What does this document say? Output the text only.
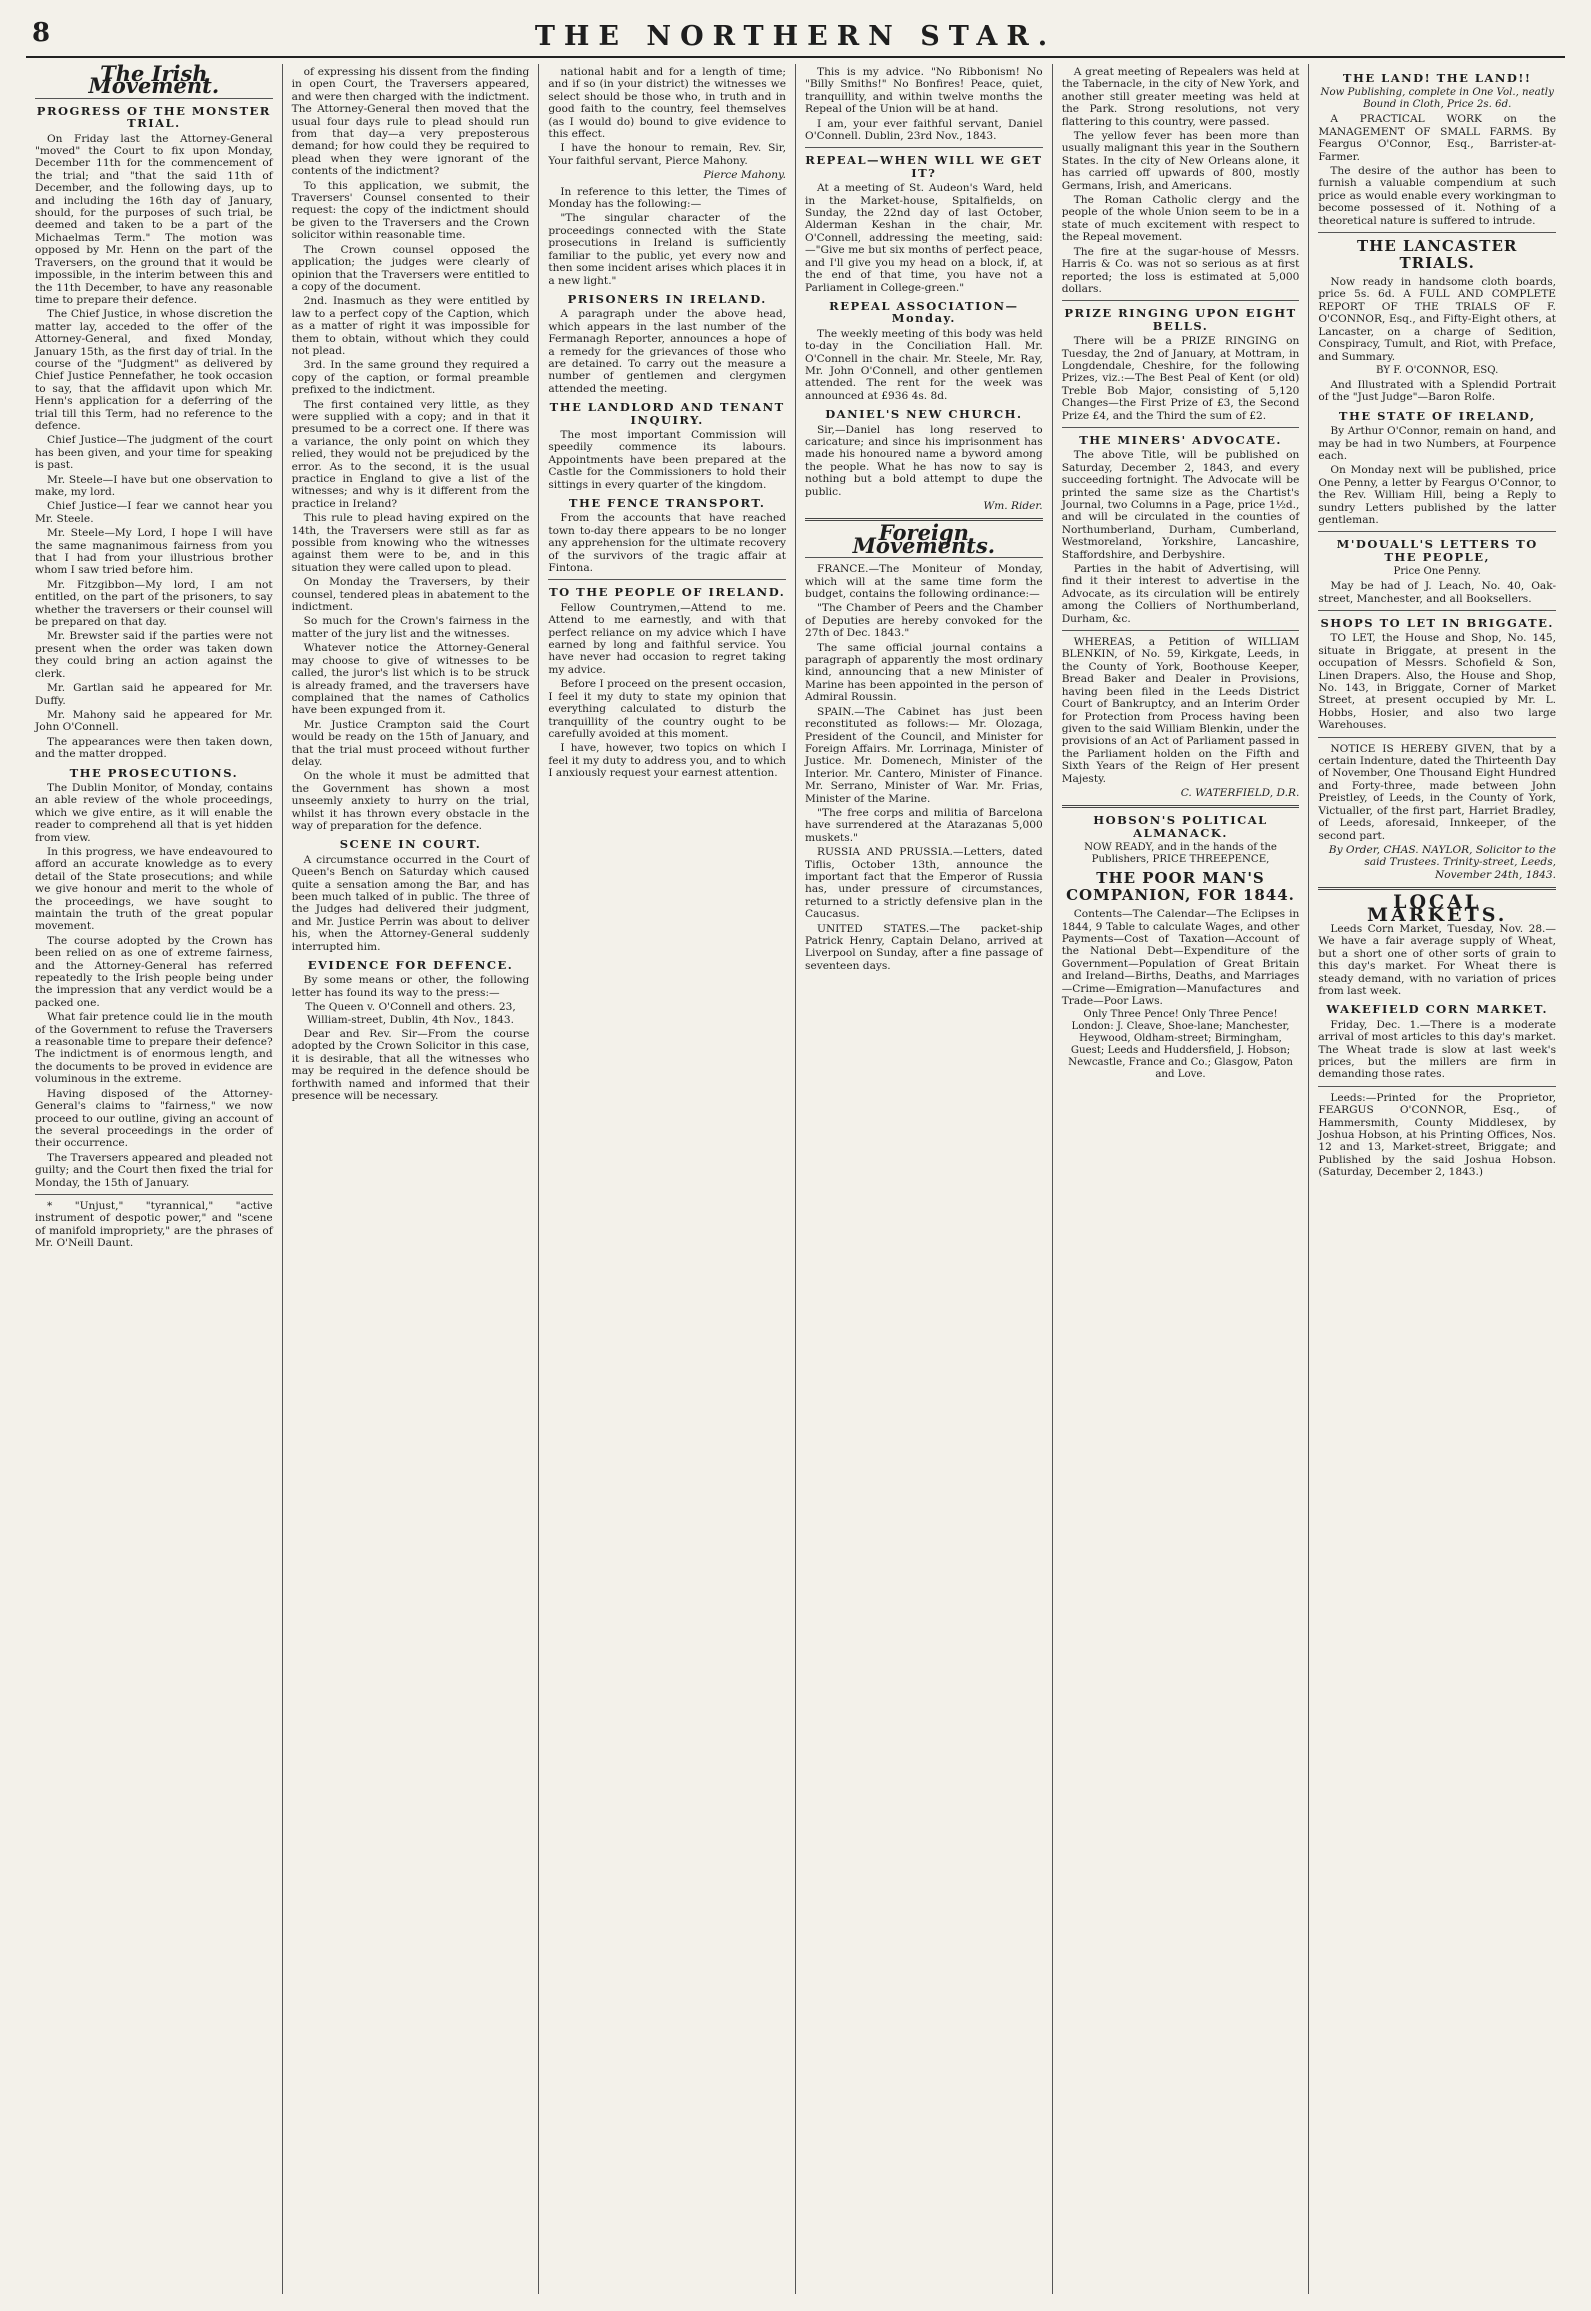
8	THE NORTHERN STAR.
The Irish Movement.
PROGRESS OF THE MONSTER TRIAL.

On Friday last the Attorney-General "moved" the Court to fix upon Monday, December 11th for the commencement of the trial; and "that the said 11th of December, and the following days, up to and including the 16th day of January, should, for the purposes of such trial, be deemed and taken to be a part of the Michaelmas Term." The motion was opposed by Mr. Henn on the part of the Traversers, on the ground that it would be impossible, in the interim between this and the 11th December, to have any reasonable time to prepare their defence.

The Chief Justice, in whose discretion the matter lay, acceded to the offer of the Attorney-General, and fixed Monday, January 15th, as the first day of trial. In the course of the "Judgment" as delivered by Chief Justice Pennefather, he took occasion to say, that the affidavit upon which Mr. Henn's application for a deferring of the trial till this Term, had no reference to the defence.

Chief Justice—The judgment of the court has been given, and your time for speaking is past.

Mr. Steele—I have but one observation to make, my lord.

Chief Justice—I fear we cannot hear you Mr. Steele.

Mr. Steele—My Lord, I hope I will have the same magnanimous fairness from you that I had from your illustrious brother whom I saw tried before him.

Mr. Fitzgibbon—My lord, I am not entitled, on the part of the prisoners, to say whether the traversers or their counsel will be prepared on that day.

Mr. Brewster said if the parties were not present when the order was taken down they could bring an action against the clerk.

Mr. Gartlan said he appeared for Mr. Duffy.

Mr. Mahony said he appeared for Mr. John O'Connell.

The appearances were then taken down, and the matter dropped.

THE PROSECUTIONS.

The Dublin Monitor, of Monday, contains an able review of the whole proceedings, which we give entire, as it will enable the reader to comprehend all that is yet hidden from view.

In this progress, we have endeavoured to afford an accurate knowledge as to every detail of the State prosecutions; and while we give honour and merit to the whole of the proceedings, we have sought to maintain the truth of the great popular movement.

The course adopted by the Crown has been relied on as one of extreme fairness, and the Attorney-General has referred repeatedly to the Irish people being under the impression that any verdict would be a packed one.

What fair pretence could lie in the mouth of the Government to refuse the Traversers a reasonable time to prepare their defence? The indictment is of enormous length, and the documents to be proved in evidence are voluminous in the extreme.

Having disposed of the Attorney-General's claims to "fairness," we now proceed to our outline, giving an account of the several proceedings in the order of their occurrence.

The Traversers appeared and pleaded not guilty; and the Court then fixed the trial for Monday, the 15th of January.

* "Unjust," "tyrannical," "active instrument of despotic power," and "scene of manifold impropriety," are the phrases of Mr. O'Neill Daunt.

of expressing his dissent from the finding in open Court, the Traversers appeared, and were then charged with the indictment. The Attorney-General then moved that the usual four days rule to plead should run from that day—a very preposterous demand; for how could they be required to plead when they were ignorant of the contents of the indictment?

To this application, we submit, the Traversers' Counsel consented to their request: the copy of the indictment should be given to the Traversers and the Crown solicitor within reasonable time.

The Crown counsel opposed the application; the judges were clearly of opinion that the Traversers were entitled to a copy of the document.

2nd. Inasmuch as they were entitled by law to a perfect copy of the Caption, which as a matter of right it was impossible for them to obtain, without which they could not plead.

3rd. In the same ground they required a copy of the caption, or formal preamble prefixed to the indictment.

The first contained very little, as they were supplied with a copy; and in that it presumed to be a correct one. If there was a variance, the only point on which they relied, they would not be prejudiced by the error. As to the second, it is the usual practice in England to give a list of the witnesses; and why is it different from the practice in Ireland?

This rule to plead having expired on the 14th, the Traversers were still as far as possible from knowing who the witnesses against them were to be, and in this situation they were called upon to plead.

On Monday the Traversers, by their counsel, tendered pleas in abatement to the indictment.

So much for the Crown's fairness in the matter of the jury list and the witnesses.

Whatever notice the Attorney-General may choose to give of witnesses to be called, the juror's list which is to be struck is already framed, and the traversers have complained that the names of Catholics have been expunged from it.

Mr. Justice Crampton said the Court would be ready on the 15th of January, and that the trial must proceed without further delay.

On the whole it must be admitted that the Government has shown a most unseemly anxiety to hurry on the trial, whilst it has thrown every obstacle in the way of preparation for the defence.

SCENE IN COURT.

A circumstance occurred in the Court of Queen's Bench on Saturday which caused quite a sensation among the Bar, and has been much talked of in public. The three of the Judges had delivered their judgment, and Mr. Justice Perrin was about to deliver his, when the Attorney-General suddenly interrupted him.

EVIDENCE FOR DEFENCE.

By some means or other, the following letter has found its way to the press:—

The Queen v. O'Connell and others. 23, William-street, Dublin, 4th Nov., 1843.

Dear and Rev. Sir—From the course adopted by the Crown Solicitor in this case, it is desirable, that all the witnesses who may be required in the defence should be forthwith named and informed that their presence will be necessary.

national habit and for a length of time; and if so (in your district) the witnesses we select should be those who, in truth and in good faith to the country, feel themselves (as I would do) bound to give evidence to this effect.

I have the honour to remain, Rev. Sir, Your faithful servant, Pierce Mahony.

Pierce Mahony.

In reference to this letter, the Times of Monday has the following:—

"The singular character of the proceedings connected with the State prosecutions in Ireland is sufficiently familiar to the public, yet every now and then some incident arises which places it in a new light."

PRISONERS IN IRELAND.

A paragraph under the above head, which appears in the last number of the Fermanagh Reporter, announces a hope of a remedy for the grievances of those who are detained. To carry out the measure a number of gentlemen and clergymen attended the meeting.

THE LANDLORD AND TENANT INQUIRY.

The most important Commission will speedily commence its labours. Appointments have been prepared at the Castle for the Commissioners to hold their sittings in every quarter of the kingdom.

THE FENCE TRANSPORT.

From the accounts that have reached town to-day there appears to be no longer any apprehension for the ultimate recovery of the survivors of the tragic affair at Fintona.

TO THE PEOPLE OF IRELAND.

Fellow Countrymen,—Attend to me. Attend to me earnestly, and with that perfect reliance on my advice which I have earned by long and faithful service. You have never had occasion to regret taking my advice.

Before I proceed on the present occasion, I feel it my duty to state my opinion that everything calculated to disturb the tranquillity of the country ought to be carefully avoided at this moment.

I have, however, two topics on which I feel it my duty to address you, and to which I anxiously request your earnest attention.

This is my advice. "No Ribbonism! No "Billy Smiths!" No Bonfires! Peace, quiet, tranquillity, and within twelve months the Repeal of the Union will be at hand.

I am, your ever faithful servant, Daniel O'Connell. Dublin, 23rd Nov., 1843.

REPEAL—WHEN WILL WE GET IT?

At a meeting of St. Audeon's Ward, held in the Market-house, Spitalfields, on Sunday, the 22nd day of last October, Alderman Keshan in the chair, Mr. O'Connell, addressing the meeting, said:—"Give me but six months of perfect peace, and I'll give you my head on a block, if, at the end of that time, you have not a Parliament in College-green."

REPEAL ASSOCIATION—Monday.

The weekly meeting of this body was held to-day in the Conciliation Hall. Mr. O'Connell in the chair. Mr. Steele, Mr. Ray, Mr. John O'Connell, and other gentlemen attended. The rent for the week was announced at £936 4s. 8d.

DANIEL'S NEW CHURCH.

Sir,—Daniel has long reserved to caricature; and since his imprisonment has made his honoured name a byword among the people. What he has now to say is nothing but a bold attempt to dupe the public.

Wm. Rider.
Foreign Movements.

FRANCE.—The Moniteur of Monday, which will at the same time form the budget, contains the following ordinance:—

"The Chamber of Peers and the Chamber of Deputies are hereby convoked for the 27th of Dec. 1843."

The same official journal contains a paragraph of apparently the most ordinary kind, announcing that a new Minister of Marine has been appointed in the person of Admiral Roussin.

SPAIN.—The Cabinet has just been reconstituted as follows:— Mr. Olozaga, President of the Council, and Minister for Foreign Affairs. Mr. Lorrinaga, Minister of Justice. Mr. Domenech, Minister of the Interior. Mr. Cantero, Minister of Finance. Mr. Serrano, Minister of War. Mr. Frias, Minister of the Marine.

"The free corps and militia of Barcelona have surrendered at the Atarazanas 5,000 muskets."

RUSSIA AND PRUSSIA.—Letters, dated Tiflis, October 13th, announce the important fact that the Emperor of Russia has, under pressure of circumstances, returned to a strictly defensive plan in the Caucasus.

UNITED STATES.—The packet-ship Patrick Henry, Captain Delano, arrived at Liverpool on Sunday, after a fine passage of seventeen days.

A great meeting of Repealers was held at the Tabernacle, in the city of New York, and another still greater meeting was held at the Park. Strong resolutions, not very flattering to this country, were passed.

The yellow fever has been more than usually malignant this year in the Southern States. In the city of New Orleans alone, it has carried off upwards of 800, mostly Germans, Irish, and Americans.

The Roman Catholic clergy and the people of the whole Union seem to be in a state of much excitement with respect to the Repeal movement.

The fire at the sugar-house of Messrs. Harris & Co. was not so serious as at first reported; the loss is estimated at 5,000 dollars.

PRIZE RINGING UPON EIGHT BELLS.

There will be a PRIZE RINGING on Tuesday, the 2nd of January, at Mottram, in Longdendale, Cheshire, for the following Prizes, viz.:—The Best Peal of Kent (or old) Treble Bob Major, consisting of 5,120 Changes—the First Prize of £3, the Second Prize £4, and the Third the sum of £2.

THE MINERS' ADVOCATE.

The above Title, will be published on Saturday, December 2, 1843, and every succeeding fortnight. The Advocate will be printed the same size as the Chartist's Journal, two Columns in a Page, price 1½d., and will be circulated in the counties of Northumberland, Durham, Cumberland, Westmoreland, Yorkshire, Lancashire, Staffordshire, and Derbyshire.

Parties in the habit of Advertising, will find it their interest to advertise in the Advocate, as its circulation will be entirely among the Colliers of Northumberland, Durham, &c.

WHEREAS, a Petition of WILLIAM BLENKIN, of No. 59, Kirkgate, Leeds, in the County of York, Boothouse Keeper, Bread Baker and Dealer in Provisions, having been filed in the Leeds District Court of Bankruptcy, and an Interim Order for Protection from Process having been given to the said William Blenkin, under the provisions of an Act of Parliament passed in the Parliament holden on the Fifth and Sixth Years of the Reign of Her present Majesty.

C. WATERFIELD, D.R.
HOBSON'S POLITICAL ALMANACK.
NOW READY, and in the hands of the Publishers, PRICE THREEPENCE,
THE POOR MAN'S COMPANION, FOR 1844.

Contents—The Calendar—The Eclipses in 1844, 9 Table to calculate Wages, and other Payments—Cost of Taxation—Account of the National Debt—Expenditure of the Government—Population of Great Britain and Ireland—Births, Deaths, and Marriages—Crime—Emigration—Manufactures and Trade—Poor Laws.

Only Three Pence! Only Three Pence! London: J. Cleave, Shoe-lane; Manchester, Heywood, Oldham-street; Birmingham, Guest; Leeds and Huddersfield, J. Hobson; Newcastle, France and Co.; Glasgow, Paton and Love.
THE LAND! THE LAND!!
Now Publishing, complete in One Vol., neatly Bound in Cloth, Price 2s. 6d.

A PRACTICAL WORK on the MANAGEMENT OF SMALL FARMS. By Feargus O'Connor, Esq., Barrister-at-Farmer.

The desire of the author has been to furnish a valuable compendium at such price as would enable every workingman to become possessed of it. Nothing of a theoretical nature is suffered to intrude.

THE LANCASTER TRIALS.

Now ready in handsome cloth boards, price 5s. 6d. A FULL AND COMPLETE REPORT OF THE TRIALS OF F. O'CONNOR, Esq., and Fifty-Eight others, at Lancaster, on a charge of Sedition, Conspiracy, Tumult, and Riot, with Preface, and Summary.

BY F. O'CONNOR, ESQ.

And Illustrated with a Splendid Portrait of the "Just Judge"—Baron Rolfe.

THE STATE OF IRELAND,

By Arthur O'Connor, remain on hand, and may be had in two Numbers, at Fourpence each.

On Monday next will be published, price One Penny, a letter by Feargus O'Connor, to the Rev. William Hill, being a Reply to sundry Letters published by the latter gentleman.

M'DOUALL'S LETTERS TO THE PEOPLE,
Price One Penny.

May be had of J. Leach, No. 40, Oak-street, Manchester, and all Booksellers.

SHOPS TO LET IN BRIGGATE.

TO LET, the House and Shop, No. 145, situate in Briggate, at present in the occupation of Messrs. Schofield & Son, Linen Drapers. Also, the House and Shop, No. 143, in Briggate, Corner of Market Street, at present occupied by Mr. L. Hobbs, Hosier, and also two large Warehouses.

NOTICE IS HEREBY GIVEN, that by a certain Indenture, dated the Thirteenth Day of November, One Thousand Eight Hundred and Forty-three, made between John Preistley, of Leeds, in the County of York, Victualler, of the first part, Harriet Bradley, of Leeds, aforesaid, Innkeeper, of the second part.

By Order, CHAS. NAYLOR, Solicitor to the said Trustees. Trinity-street, Leeds, November 24th, 1843.
LOCAL MARKETS.

Leeds Corn Market, Tuesday, Nov. 28.—We have a fair average supply of Wheat, but a short one of other sorts of grain to this day's market. For Wheat there is steady demand, with no variation of prices from last week.

WAKEFIELD CORN MARKET.

Friday, Dec. 1.—There is a moderate arrival of most articles to this day's market. The Wheat trade is slow at last week's prices, but the millers are firm in demanding those rates.

Leeds:—Printed for the Proprietor, FEARGUS O'CONNOR, Esq., of Hammersmith, County Middlesex, by Joshua Hobson, at his Printing Offices, Nos. 12 and 13, Market-street, Briggate; and Published by the said Joshua Hobson. (Saturday, December 2, 1843.)
